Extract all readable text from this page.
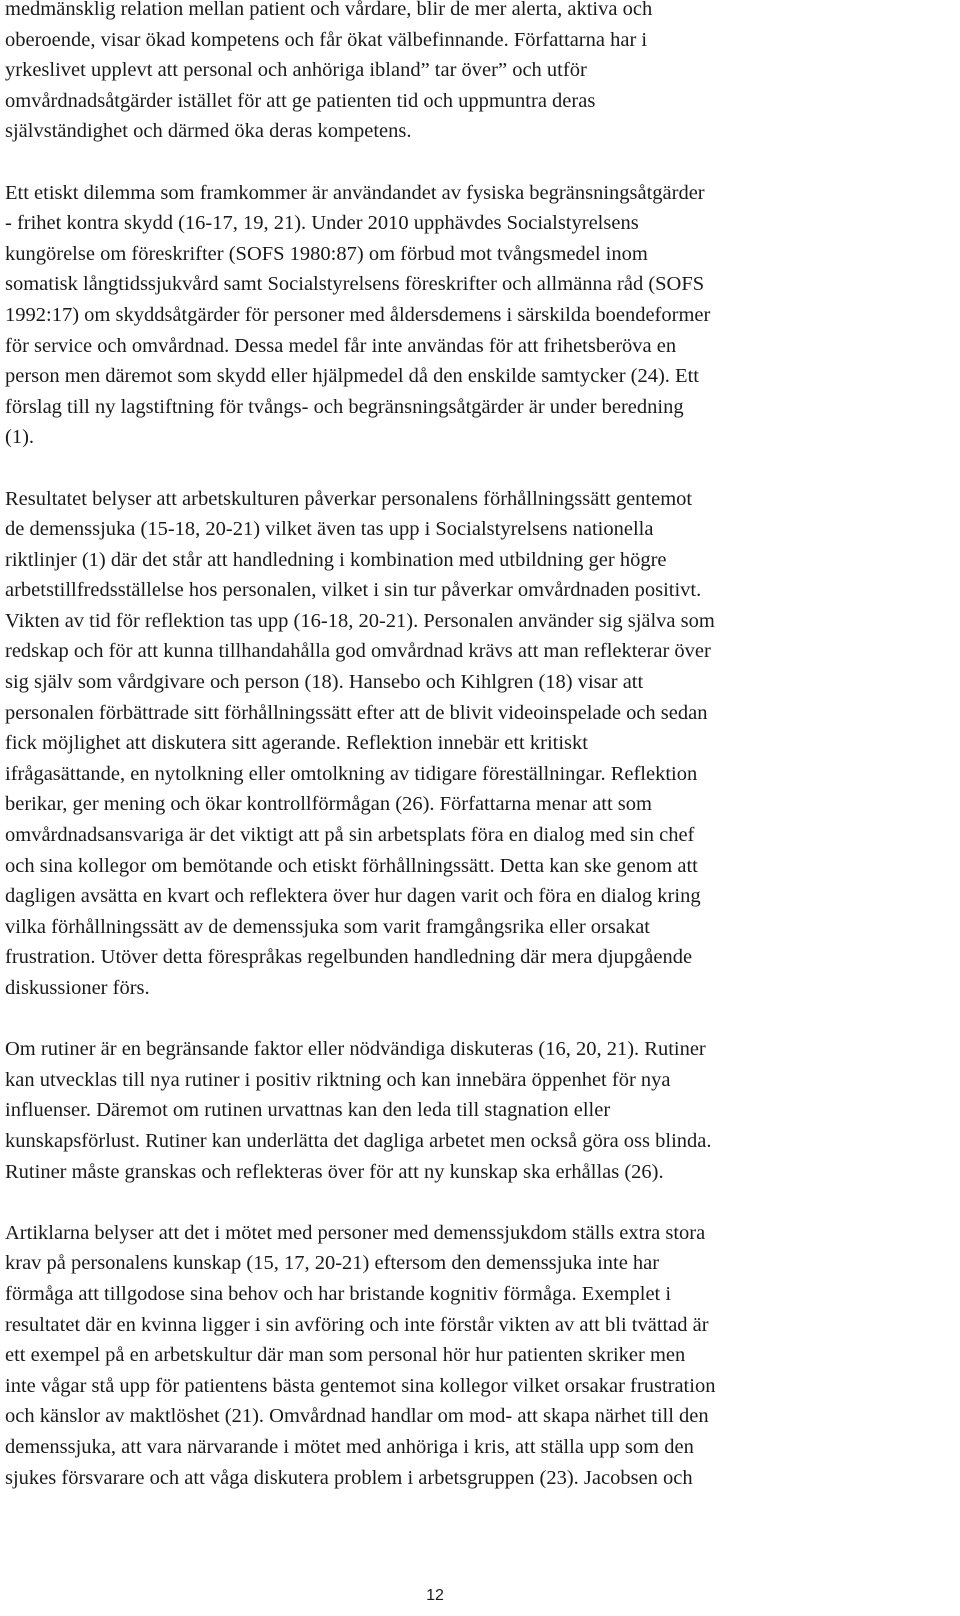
medmänsklig relation mellan patient och vårdare, blir de mer alerta, aktiva och
oberoende, visar ökad kompetens och får ökat välbefinnande. Författarna har i
yrkeslivet upplevt att personal och anhöriga ibland” tar över” och utför
omvårdnadsåtgärder istället för att ge patienten tid och uppmuntra deras
självständighet och därmed öka deras kompetens.
Ett etiskt dilemma som framkommer är användandet av fysiska begränsningsåtgärder
- frihet kontra skydd (16-17, 19, 21). Under 2010 upphävdes Socialstyrelsens
kungörelse om föreskrifter (SOFS 1980:87) om förbud mot tvångsmedel inom
somatisk långtidssjukvård samt Socialstyrelsens föreskrifter och allmänna råd (SOFS
1992:17) om skyddsåtgärder för personer med åldersdemens i särskilda boendeformer
för service och omvårdnad. Dessa medel får inte användas för att frihetsberöva en
person men däremot som skydd eller hjälpmedel då den enskilde samtycker (24). Ett
förslag till ny lagstiftning för tvångs- och begränsningsåtgärder är under beredning
(1).
Resultatet belyser att arbetskulturen påverkar personalens förhållningssätt gentemot
de demenssjuka (15-18, 20-21) vilket även tas upp i Socialstyrelsens nationella
riktlinjer (1) där det står att handledning i kombination med utbildning ger högre
arbetstillfredsställelse hos personalen, vilket i sin tur påverkar omvårdnaden positivt.
Vikten av tid för reflektion tas upp (16-18, 20-21). Personalen använder sig själva som
redskap och för att kunna tillhandahålla god omvårdnad krävs att man reflekterar över
sig själv som vårdgivare och person (18). Hansebo och Kihlgren (18) visar att
personalen förbättrade sitt förhållningssätt efter att de blivit videoinspelade och sedan
fick möjlighet att diskutera sitt agerande. Reflektion innebär ett kritiskt
ifrågasättande, en nytolkning eller omtolkning av tidigare föreställningar. Reflektion
berikar, ger mening och ökar kontrollförmågan (26). Författarna menar att som
omvårdnadsansvariga är det viktigt att på sin arbetsplats föra en dialog med sin chef
och sina kollegor om bemötande och etiskt förhållningssätt. Detta kan ske genom att
dagligen avsätta en kvart och reflektera över hur dagen varit och föra en dialog kring
vilka förhållningssätt av de demenssjuka som varit framgångsrika eller orsakat
frustration. Utöver detta förespråkas regelbunden handledning där mera djupgående
diskussioner förs.
Om rutiner är en begränsande faktor eller nödvändiga diskuteras (16, 20, 21). Rutiner
kan utvecklas till nya rutiner i positiv riktning och kan innebära öppenhet för nya
influenser. Däremot om rutinen urvattnas kan den leda till stagnation eller
kunskapsförlust. Rutiner kan underlätta det dagliga arbetet men också göra oss blinda.
Rutiner måste granskas och reflekteras över för att ny kunskap ska erhållas (26).
Artiklarna belyser att det i mötet med personer med demenssjukdom ställs extra stora
krav på personalens kunskap (15, 17, 20-21) eftersom den demenssjuka inte har
förmåga att tillgodose sina behov och har bristande kognitiv förmåga. Exemplet i
resultatet där en kvinna ligger i sin avföring och inte förstår vikten av att bli tvättad är
ett exempel på en arbetskultur där man som personal hör hur patienten skriker men
inte vågar stå upp för patientens bästa gentemot sina kollegor vilket orsakar frustration
och känslor av maktlöshet (21). Omvårdnad handlar om mod- att skapa närhet till den
demenssjuka, att vara närvarande i mötet med anhöriga i kris, att ställa upp som den
sjukes försvarare och att våga diskutera problem i arbetsgruppen (23). Jacobsen och
12
